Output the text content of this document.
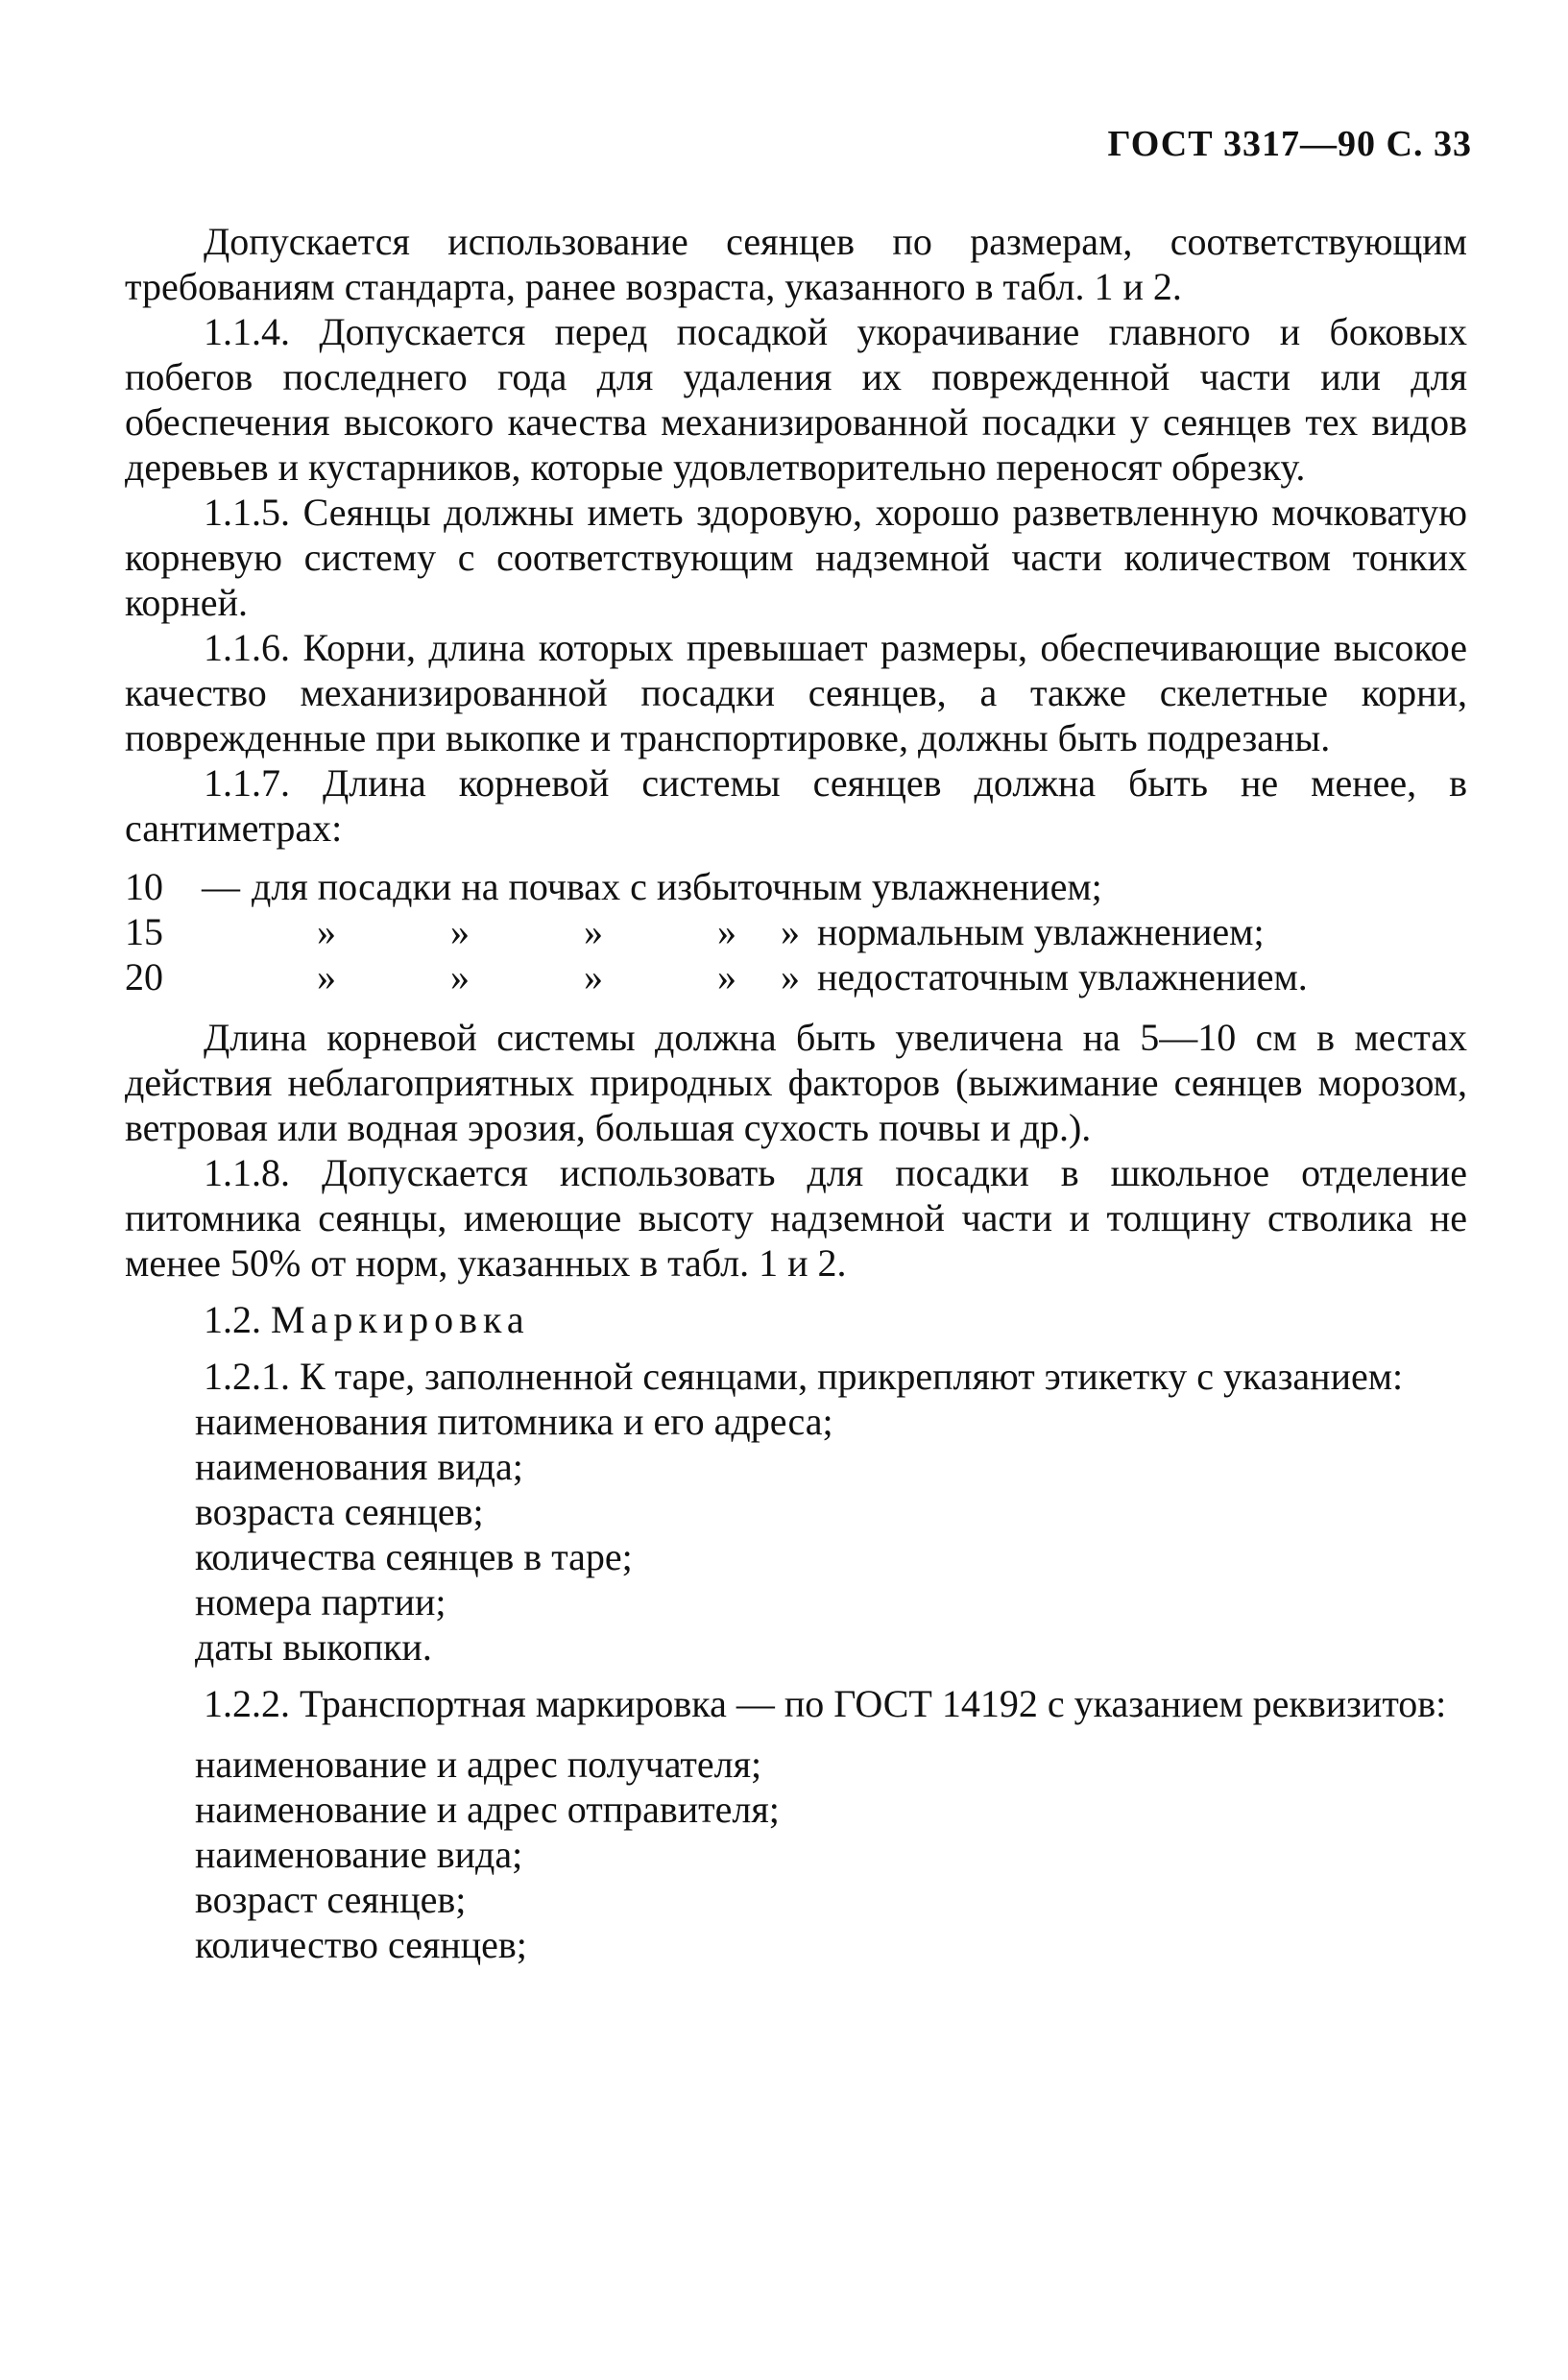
ГОСТ 3317—90 С. 33

Допускается использование сеянцев по размерам, соответствующим требованиям стандарта, ранее возраста, указанного в табл. 1 и 2.

1.1.4. Допускается перед посадкой укорачивание главного и боковых побегов последнего года для удаления их поврежденной части или для обеспечения высокого качества механизированной посадки у сеянцев тех видов деревьев и кустарников, которые удовлетворительно переносят обрезку.

1.1.5. Сеянцы должны иметь здоровую, хорошо разветвленную мочковатую корневую систему с соответствующим надземной части количеством тонких корней.

1.1.6. Корни, длина которых превышает размеры, обеспечивающие высокое качество механизированной посадки сеянцев, а также скелетные корни, поврежденные при выкопке и транспортировке, должны быть подрезаны.

1.1.7. Длина корневой системы сеянцев должна быть не менее, в сантиметрах:

10	— для посадки на почвах с избыточным увлажнением;
15	»	»	»	»	» нормальным увлажнением;
20	»	»	»	»	» недостаточным увлажнением.

Длина корневой системы должна быть увеличена на 5—10 см в местах действия неблагоприятных природных факторов (выжимание сеянцев морозом, ветровая или водная эрозия, большая сухость почвы и др.).

1.1.8. Допускается использовать для посадки в школьное отделение питомника сеянцы, имеющие высоту надземной части и толщину стволика не менее 50% от норм, указанных в табл. 1 и 2.

1.2. Маркировка

1.2.1. К таре, заполненной сеянцами, прикрепляют этикетку с указанием:

наименования питомника и его адреса;
наименования вида;
возраста сеянцев;
количества сеянцев в таре;
номера партии;
даты выкопки.

1.2.2. Транспортная маркировка — по ГОСТ 14192 с указанием реквизитов:

наименование и адрес получателя;
наименование и адрес отправителя;
наименование вида;
возраст сеянцев;
количество сеянцев;
